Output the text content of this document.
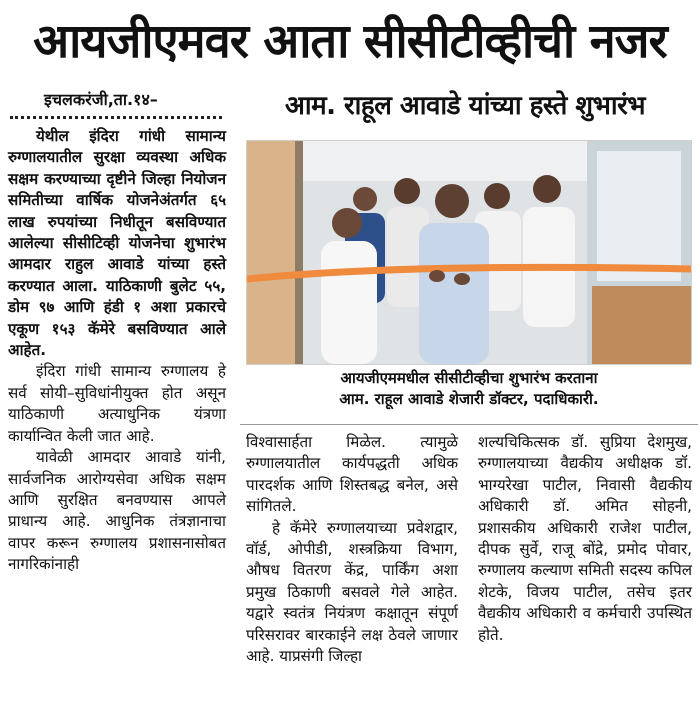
आयजीएमवर आता सीसीटीव्हीची नजर
इचलकरंजी,ता.१४–	आम. राहूल आवाडे यांच्या हस्ते शुभारंभ

येथील इंदिरा गांधी सामान्य रुग्णालयातील सुरक्षा व्यवस्था अधिक सक्षम करण्याच्या दृष्टीने जिल्हा नियोजन समितीच्या वार्षिक योजनेअंतर्गत ६५ लाख रुपयांच्या निधीतून बसविण्यात आलेल्या सीसीटिव्ही योजनेचा शुभारंभ आमदार राहुल आवाडे यांच्या हस्ते करण्यात आला. याठिकाणी बुलेट ५५, डोम ९७ आणि हंडी १ अशा प्रकारचे एकूण १५३ कॅमेरे बसविण्यात आले आहेत.

इंदिरा गांधी सामान्य रुग्णालय हे सर्व सोयी–सुविधांनीयुक्त होत असून याठिकाणी अत्याधुनिक यंत्रणा कार्यान्वित केली जात आहे.

यावेळी आमदार आवाडे यांनी, सार्वजनिक आरोग्यसेवा अधिक सक्षम आणि सुरक्षित बनवण्यास आपले प्राधान्य आहे. आधुनिक तंत्रज्ञानाचा वापर करून रुग्णालय प्रशासनासोबत नागरिकांनाही

आयजीएममधील सीसीटीव्हीचा शुभारंभ करताना
आम. राहूल आवाडे शेजारी डॉक्टर, पदाधिकारी.

विश्वासार्हता मिळेल. त्यामुळे रुग्णालयातील कार्यपद्धती अधिक पारदर्शक आणि शिस्तबद्ध बनेल, असे सांगितले.

हे कॅमेरे रुग्णालयाच्या प्रवेशद्वार, वॉर्ड, ओपीडी, शस्त्रक्रिया विभाग, औषध वितरण केंद्र, पार्किंग अशा प्रमुख ठिकाणी बसवले गेले आहेत. यद्वारे स्वतंत्र नियंत्रण कक्षातून संपूर्ण परिसरावर बारकाईने लक्ष ठेवले जाणार आहे. याप्रसंगी जिल्हा

शल्यचिकित्सक डॉ. सुप्रिया देशमुख, रुग्णालयाच्या वैद्यकीय अधीक्षक डॉ. भाग्यरेखा पाटील, निवासी वैद्यकीय अधिकारी डॉ. अमित सोहनी, प्रशासकीय अधिकारी राजेश पाटील, दीपक सुर्वे, राजू बोंद्रे, प्रमोद पोवार, रुग्णालय कल्याण समिती सदस्य कपिल शेटके, विजय पाटील, तसेच इतर वैद्यकीय अधिकारी व कर्मचारी उपस्थित होते.
